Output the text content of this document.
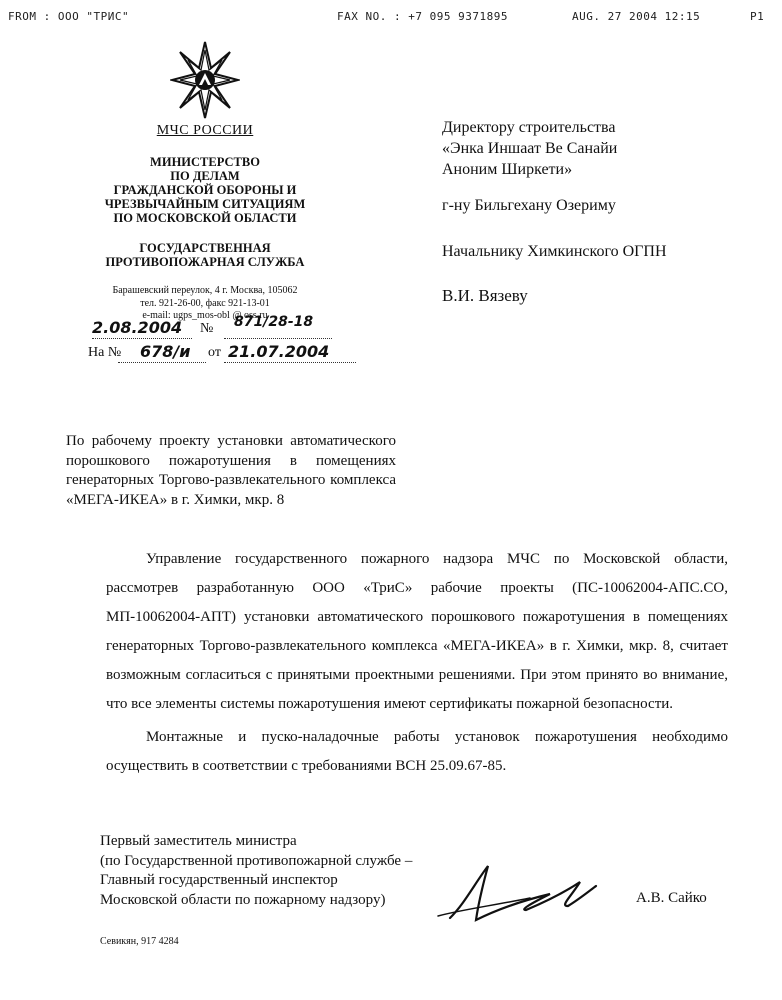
FROM : ООО "ТРИС"	FAX NO. : +7 095 9371895	AUG. 27 2004 12:15	P1
МЧС РОССИИ
МИНИСТЕРСТВО
ПО ДЕЛАМ
ГРАЖДАНСКОЙ ОБОРОНЫ И
ЧРЕЗВЫЧАЙНЫМ СИТУАЦИЯМ
ПО МОСКОВСКОЙ ОБЛАСТИ
ГОСУДАРСТВЕННАЯ
ПРОТИВОПОЖАРНАЯ СЛУЖБА
Барашевский переулок, 4 г. Москва, 105062
тел. 921-26-00, факс 921-13-01
e-mail: ugps_mos-obl @ oss.ru
2.08.2004 № 871/28-18
На № 678/и от 21.07.2004
Директору строительства
«Энка Иншаат Ве Санайи
Аноним Ширкети»
г-ну Бильгехану Озериму
Начальнику Химкинского ОГПН
В.И. Вязеву
По рабочему проекту установки автоматического порошкового пожаротушения в помещениях генераторных Торгово-развлекательного комплекса «МЕГА-ИКЕА» в г. Химки, мкр. 8

Управление государственного пожарного надзора МЧС по Московской области, рассмотрев разработанную ООО «ТриС» рабочие проекты (ПС-10062004-АПС.СО, МП-10062004-АПТ) установки автоматического порошкового пожаротушения в помещениях генераторных Торгово-развлекательного комплекса «МЕГА-ИКЕА» в г. Химки, мкр. 8, считает возможным согласиться с принятыми проектными решениями. При этом принято во внимание, что все элементы системы пожаротушения имеют сертификаты пожарной безопасности.

Монтажные и пуско-наладочные работы установок пожаротушения необходимо осуществить в соответствии с требованиями ВСН 25.09.67-85.

Первый заместитель министра
(по Государственной противопожарной службе –
Главный государственный инспектор
Московской области по пожарному надзору)	А.В. Сайко
Севикян, 917 4284
